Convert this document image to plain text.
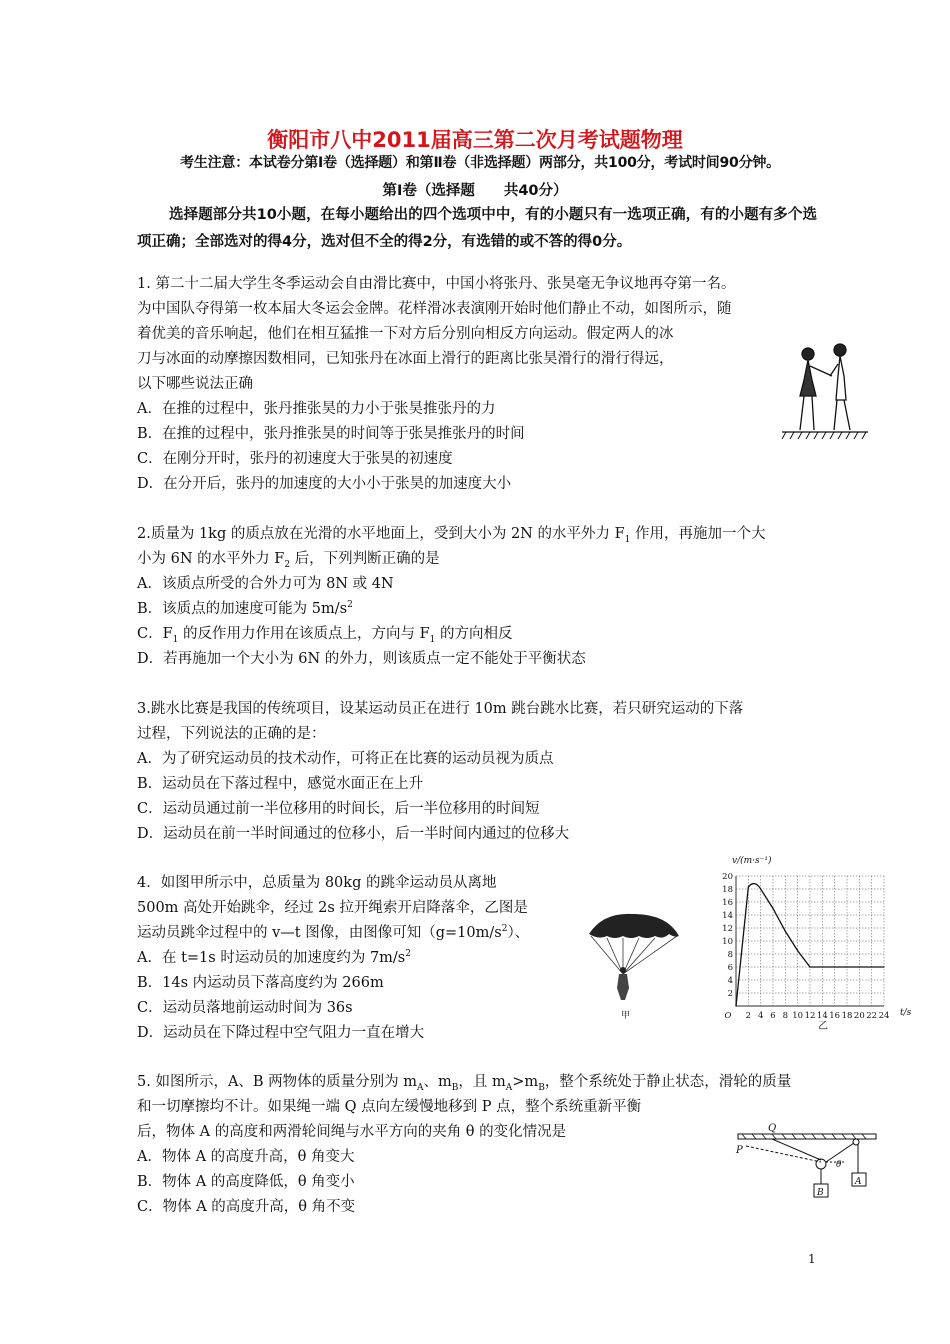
衡阳市八中2011届高三第二次月考试题物理
考生注意：本试卷分第Ⅰ卷（选择题）和第Ⅱ卷（非选择题）两部分，共100分，考试时间90分钟。
第Ⅰ卷（选择题　　共40分）
选择题部分共10小题，在每小题给出的四个选项中中，有的小题只有一选项正确，有的小题有多个选项正确；全部选对的得4分，选对但不全的得2分，有选错的或不答的得0分。
1. 第二十二届大学生冬季运动会自由滑比赛中，中国小将张丹、张昊毫无争议地再夺第一名。
为中国队夺得第一枚本届大冬运会金牌。花样滑冰表演刚开始时他们静止不动，如图所示，随
着优美的音乐响起，他们在相互猛推一下对方后分别向相反方向运动。假定两人的冰
刀与冰面的动摩擦因数相同，已知张丹在冰面上滑行的距离比张昊滑行的滑行得远，
以下哪些说法正确
A．在推的过程中，张丹推张昊的力小于张昊推张丹的力
B．在推的过程中，张丹推张昊的时间等于张昊推张丹的时间
C．在刚分开时，张丹的初速度大于张昊的初速度
D．在分开后，张丹的加速度的大小小于张昊的加速度大小
2.质量为 1kg 的质点放在光滑的水平地面上，受到大小为 2N 的水平外力 $F_1$ 作用，再施加一个大
小为 6N 的水平外力 $F_2$ 后，下列判断正确的是
A．该质点所受的合外力可为 8N 或 4N
B．该质点的加速度可能为 $5m/s^2$
C．$F_1$ 的反作用力作用在该质点上，方向与 $F_1$ 的方向相反
D．若再施加一个大小为 6N 的外力，则该质点一定不能处于平衡状态
3.跳水比赛是我国的传统项目，设某运动员正在进行 10m 跳台跳水比赛，若只研究运动的下落
过程，下列说法的正确的是：
A．为了研究运动员的技术动作，可将正在比赛的运动员视为质点
B．运动员在下落过程中，感觉水面正在上升
C．运动员通过前一半位移用的时间长，后一半位移用的时间短
D．运动员在前一半时间通过的位移小，后一半时间内通过的位移大
4．如图甲所示中，总质量为 80kg 的跳伞运动员从离地
500m 高处开始跳伞，经过 2s 拉开绳索开启降落伞，乙图是
运动员跳伞过程中的 v—t 图像，由图像可知$(g=10m/s^2)$、
A．在 t=1s 时运动员的加速度约为 $7m/s^2$
B．14s 内运动员下落高度约为 266m
C．运动员落地前运动时间为 36s
D．运动员在下降过程中空气阻力一直在增大
甲
v/(m·s⁻¹)
t/s
20
18
16
14
12
10
8
6
4
2
O 2 4 6 8 10 12 14 16 18 20 22 24
乙
5. 如图所示，A、B 两物体的质量分别为 $m_A$、$m_B$，且 $m_A>m_B$，整个系统处于静止状态，滑轮的质量
和一切摩擦均不计。如果绳一端 Q 点向左缓慢地移到 P 点，整个系统重新平衡
后，物体 A 的高度和两滑轮间绳与水平方向的夹角 θ 的变化情况是
A．物体 A 的高度升高，θ 角变大
B．物体 A 的高度降低，θ 角变小
C．物体 A 的高度升高，θ 角不变
Q
P
θ
B
A
1
